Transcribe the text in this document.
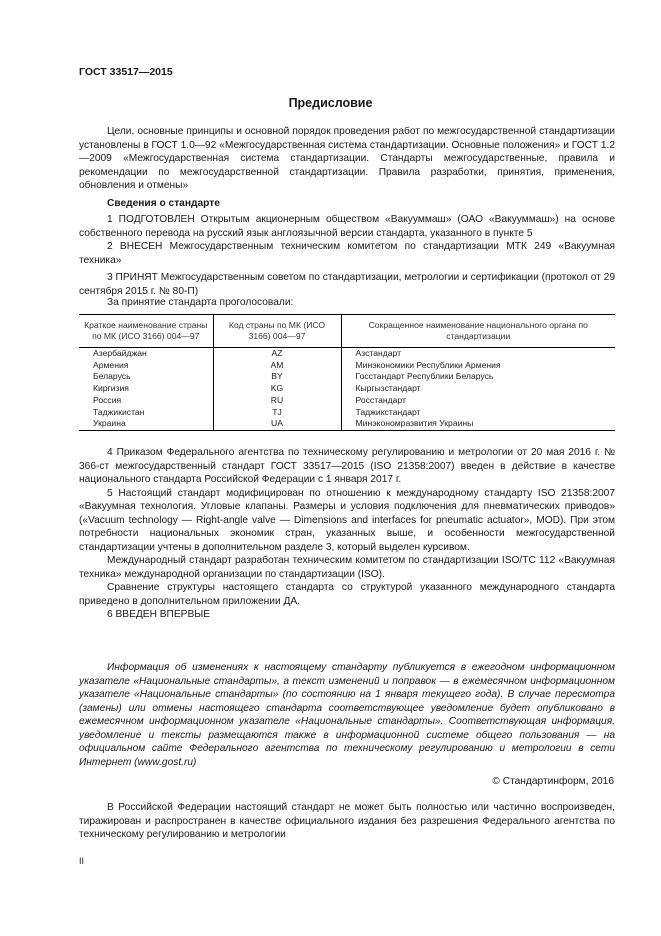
ГОСТ 33517—2015
Предисловие

Цели, основные принципы и основной порядок проведения работ по межгосударственной стандартизации установлены в ГОСТ 1.0—92 «Межгосударственная система стандартизации. Основные положения» и ГОСТ 1.2—2009 «Межгосударственная система стандартизации. Стандарты межгосударственные, правила и рекомендации по межгосударственной стандартизации. Правила разработки, принятия, применения, обновления и отмены»

Сведения о стандарте

1 ПОДГОТОВЛЕН Открытым акционерным обществом «Вакууммаш» (ОАО «Вакууммаш») на основе собственного перевода на русский язык англоязычной версии стандарта, указанного в пункте 5

2 ВНЕСЕН Межгосударственным техническим комитетом по стандартизации МТК 249 «Вакуумная техника»

3 ПРИНЯТ Межгосударственным советом по стандартизации, метрологии и сертификации (протокол от 29 сентября 2015 г. № 80-П)

За принятие стандарта проголосовали:
Краткое наименование страны по МК (ИСО 3166) 004—97	Код страны по МК (ИСО 3166) 004—97	Сокращенное наименование национального органа по стандартизации
Азербайджан	AZ	Азстандарт
Армения	AM	Минэкономики Республики Армения
Беларусь	BY	Госстандарт Республики Беларусь
Киргизия	KG	Кыргызстандарт
Россия	RU	Росстандарт
Таджикистан	TJ	Таджикстандарт
Украина	UA	Минэкономразвития Украины

4 Приказом Федерального агентства по техническому регулированию и метрологии от 20 мая 2016 г. № 366-ст межгосударственный стандарт ГОСТ 33517—2015 (ISO 21358:2007) введен в действие в качестве национального стандарта Российской Федерации с 1 января 2017 г.

5 Настоящий стандарт модифицирован по отношению к международному стандарту ISO 21358:2007 «Вакуумная технология. Угловые клапаны. Размеры и условия подключения для пневматических приводов» («Vacuum technology — Right-angle valve — Dimensions and interfaces for pneumatic actuator», MOD). При этом потребности национальных экономик стран, указанных выше, и особенности межгосударственной стандартизации учтены в дополнительном разделе 3, который выделен курсивом.

Международный стандарт разработан техническим комитетом по стандартизации ISO/TC 112 «Вакуумная техника» международной организации по стандартизации (ISO).

Сравнение структуры настоящего стандарта со структурой указанного международного стандарта приведено в дополнительном приложении ДА.

6 ВВЕДЕН ВПЕРВЫЕ

Информация об изменениях к настоящему стандарту публикуется в ежегодном информационном указателе «Национальные стандарты», а текст изменений и поправок — в ежемесячном информационном указателе «Национальные стандарты» (по состоянию на 1 января текущего года). В случае пересмотра (замены) или отмены настоящего стандарта соответствующее уведомление будет опубликовано в ежемесячном информационном указателе «Национальные стандарты». Соответствующая информация, уведомление и тексты размещаются также в информационной системе общего пользования — на официальном сайте Федерального агентства по техническому регулированию и метрологии в сети Интернет (www.gost.ru)

© Стандартинформ, 2016

В Российской Федерации настоящий стандарт не может быть полностью или частично воспроизведен, тиражирован и распространен в качестве официального издания без разрешения Федерального агентства по техническому регулированию и метрологии

II
